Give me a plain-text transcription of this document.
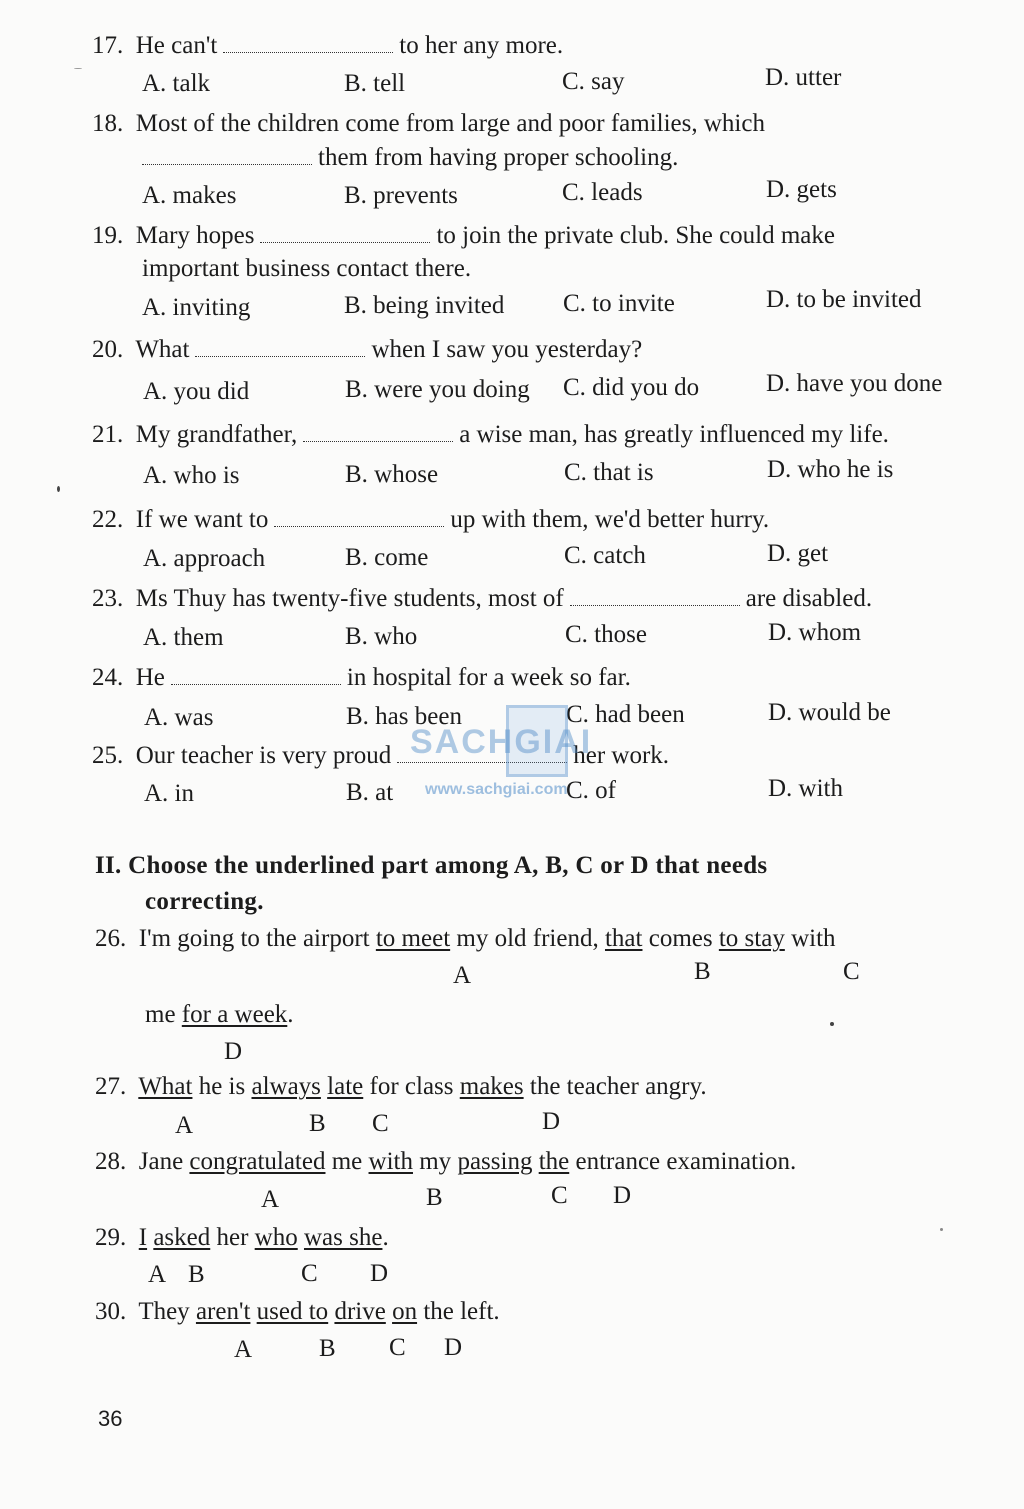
17. He can't	to her any more.
A. talk	B. tell	C. say	D. utter
18. Most of the children come from large and poor families, which
them from having proper schooling.
A. makes	B. prevents	C. leads	D. gets
19. Mary hopes	to join the private club. She could make
important business contact there.
A. inviting	B. being invited C. to invite	D. to be invited
20. What	when I saw you yesterday?
A. you did	B. were you doing C. did you do	D. have you done
21. My grandfather,	a wise man, has greatly influenced my life.
A. who is	B. whose	C. that is	D. who he is
22. If we want to	up with them, we'd better hurry.
A. approach	B. come	C. catch	D. get
23. Ms Thuy has twenty-five students, most of	are disabled.
A. them	B. who	C. those	D. whom
24. He	in hospital for a week so far.
A. was	B. has been	C. had been	D. would be
25. Our teacher is very proud	her work.
A. in	B. at	C. of	D. with
II. Choose the underlined part among A, B, C or D that needs
correcting.
26. I'm going to the airport to meet my old friend, that comes to stay with
A	B	C
me for a week.
D
27. What he is always late for class makes the teacher angry.
A	B C	D
28. Jane congratulated me with my passing the entrance examination.
A	B	C D
29. I asked her who was she.
A B	C D
30. They aren't used to drive on the left.
A	B C D
36
SACHGIAI
www.sachgiai.com
